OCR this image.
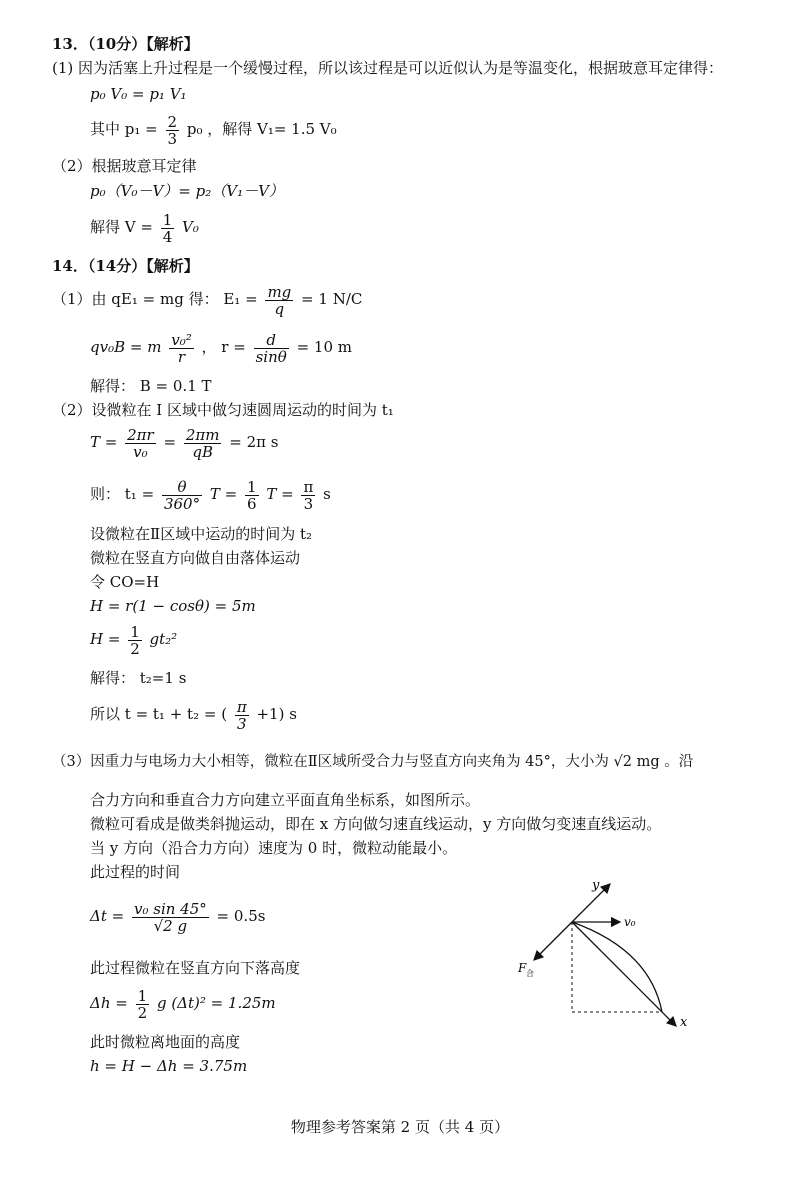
13．（10分）【解析】
(1) 因为活塞上升过程是一个缓慢过程，所以该过程是可以近似认为是等温变化，根据玻意耳定律得：
p₀ V₀ = p₁ V₁
其中 $p_1 = \frac{2}{3} p_0$ ，解得 V₁= 1.5 V₀
（2）根据玻意耳定律
p₀（V₀－V）= p₂（V₁－V）
解得 $V = \frac{1}{4} V_0$
14．（14分）【解析】
（1）由 qE₁ = mg 得： $E_1 = \frac{mg}{q} = 1$ N/C
qv₀B = m $\frac{\text{v₀²}}{r}$ ， $r = \frac{d}{\sin\theta} = 10$ m
解得： B = 0.1 T
（2）设微粒在 Ⅰ 区域中做匀速圆周运动的时间为 t₁
$T = \frac{2\pi r}{\text{v₀}} = \frac{2\pi m}{qB} = 2\pi$ s
则： $t_1 = \frac{\theta}{360^\circ}$ $T = \frac{1}{6}$ $T = \frac{\pi}{3}$ s
设微粒在Ⅱ区域中运动的时间为 t₂
微粒在竖直方向做自由落体运动
令 CO=H
H = r(1 − cosθ) = 5m
$H = \frac{1}{2} gt_2^2$
解得： t₂=1 s
所以 t = t₁ + t₂ = ( $\frac{\pi}{3} +1$) s
（3）因重力与电场力大小相等，微粒在Ⅱ区域所受合力与竖直方向夹角为 45°，大小为 √2 mg 。沿
合力方向和垂直合力方向建立平面直角坐标系，如图所示。
微粒可看成是做类斜抛运动，即在 x 方向做匀速直线运动，y 方向做匀变速直线运动。
当 y 方向（沿合力方向）速度为 0 时，微粒动能最小。
此过程的时间
$\Delta t = \frac{\text{v₀ sin 45°}}{√2 g} = 0.5s$
此过程微粒在竖直方向下落高度
$\Delta h = \frac{1}{2}$ g (Δt)² = 1.25m
此时微粒离地面的高度
h = H − Δh = 3.75m
y
v₀
F 合
x
物理参考答案第 2 页（共 4 页）
